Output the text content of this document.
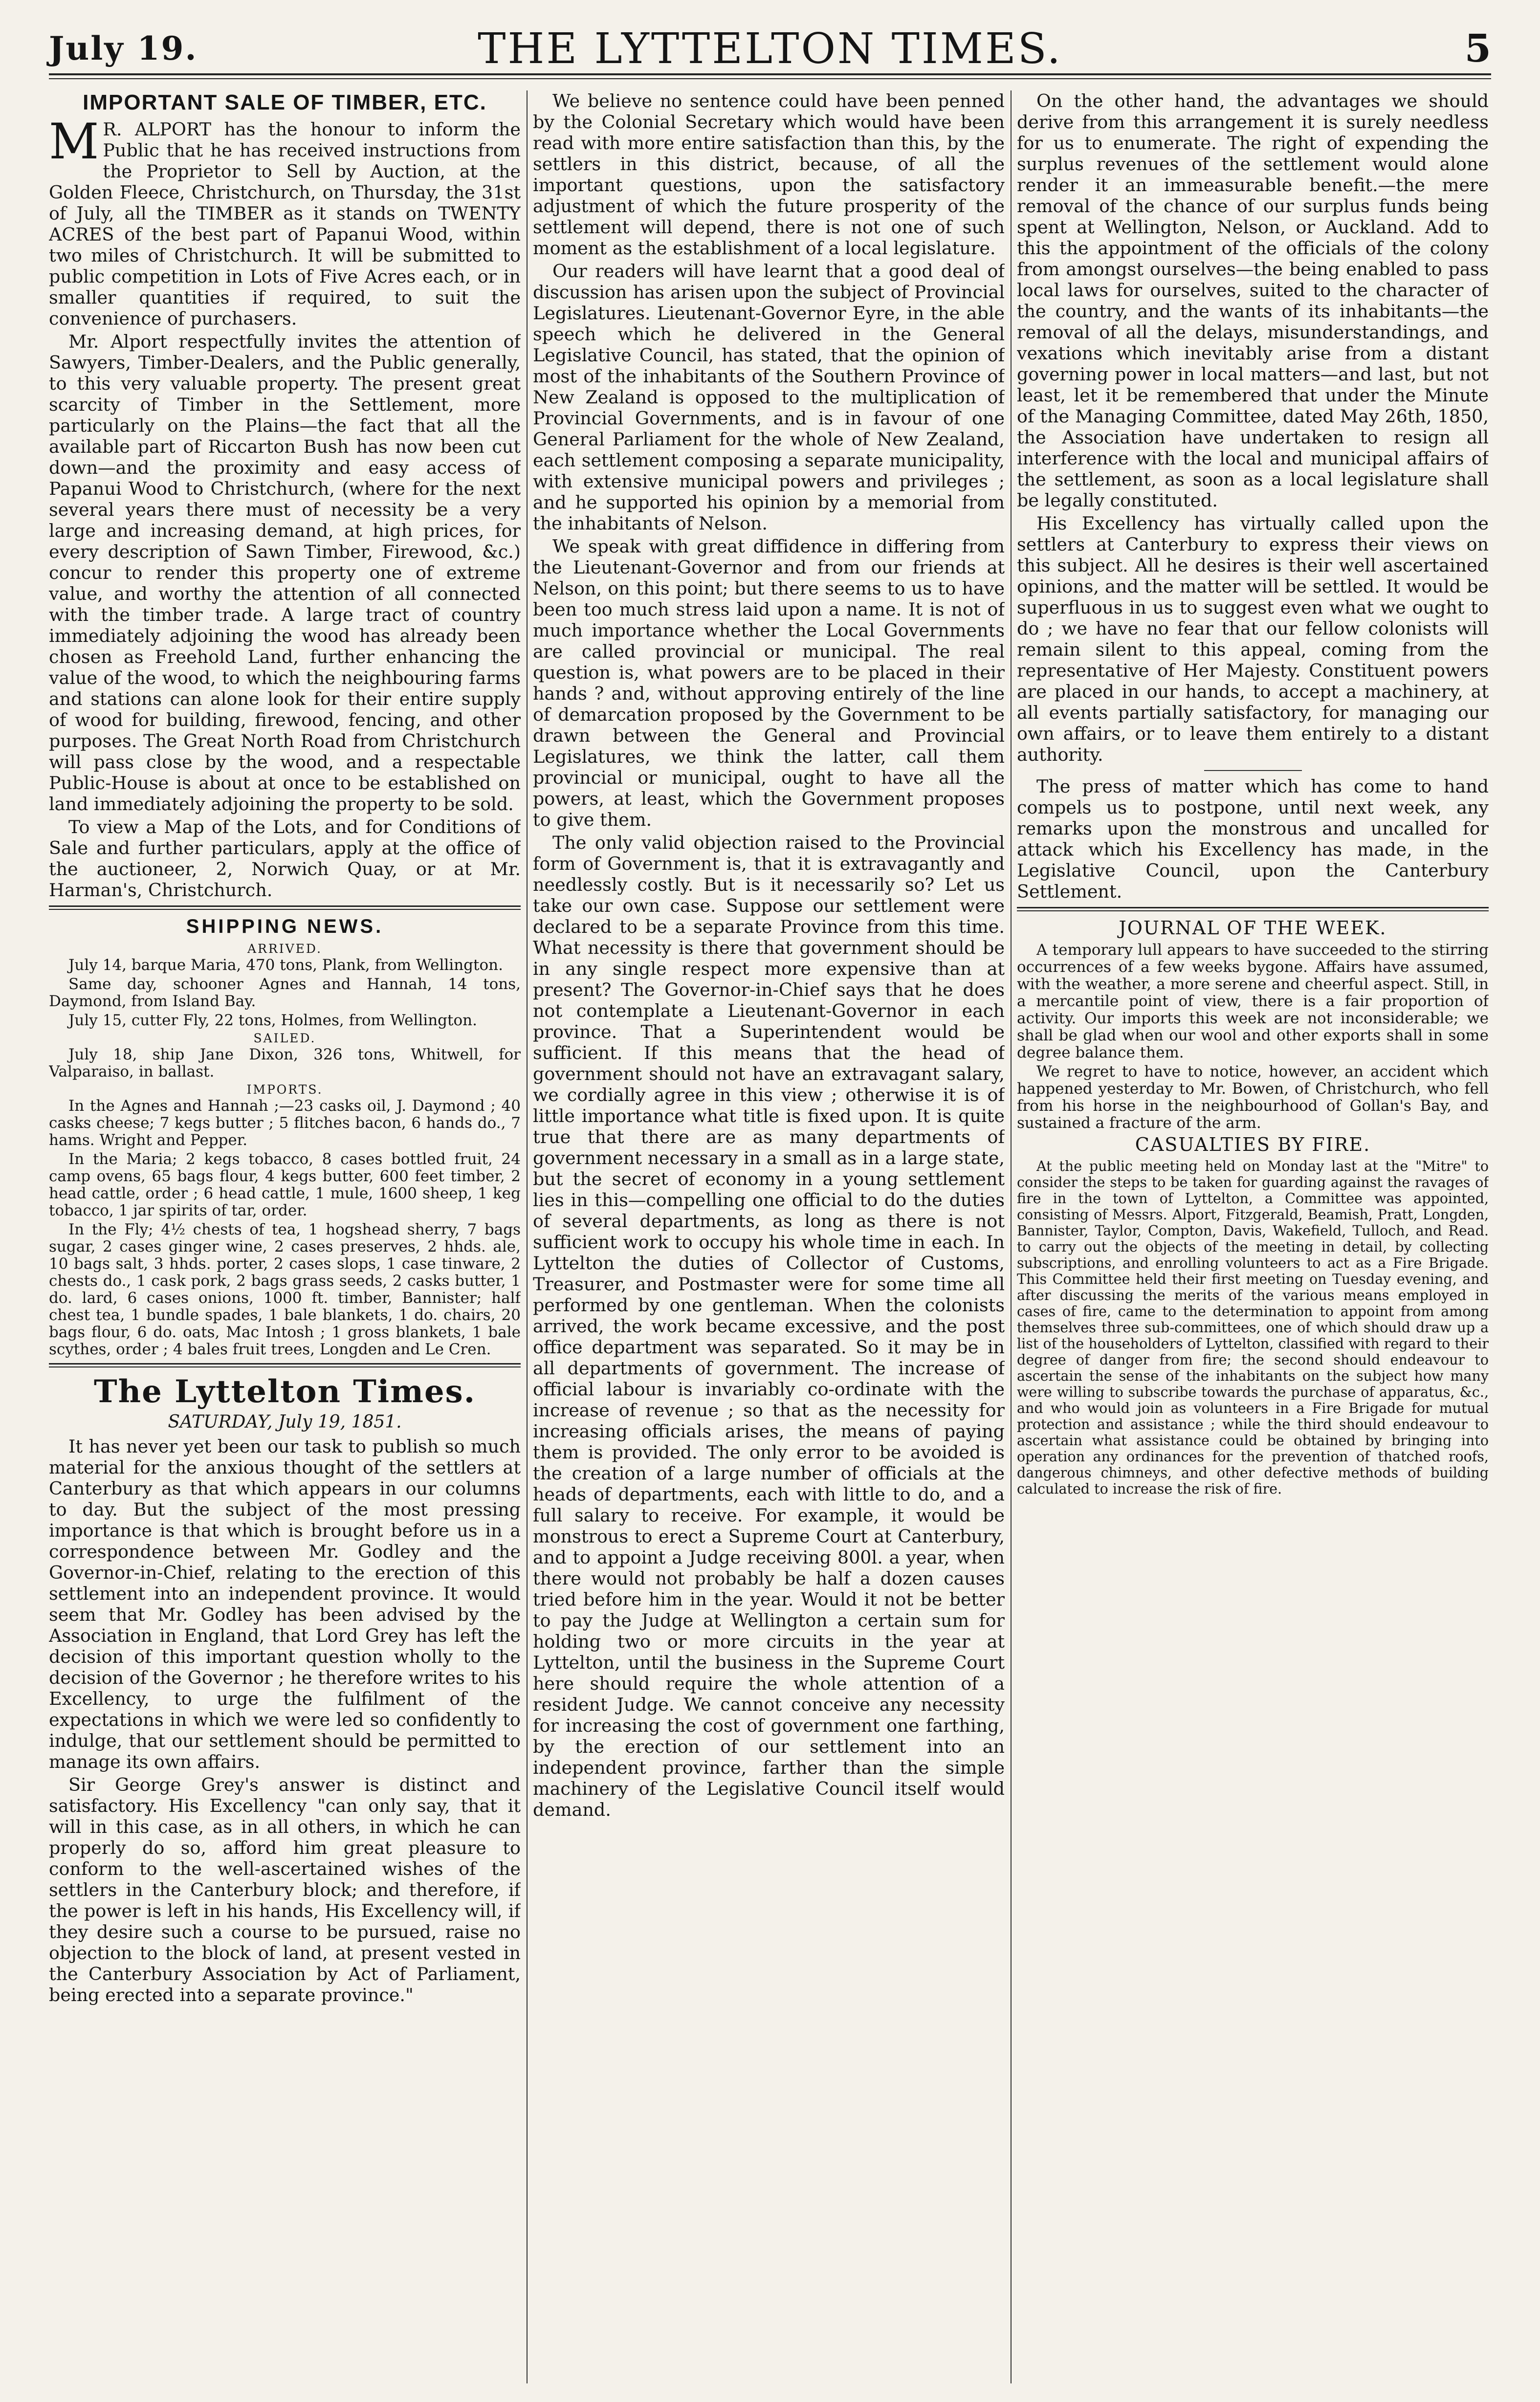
July 19.	THE LYTTELTON TIMES.	5
IMPORTANT SALE OF TIMBER, ETC.

M R. ALPORT has the honour to inform the Public that he has received instructions from the Proprietor to Sell by Auction, at the Golden Fleece, Christchurch, on Thursday, the 31st of July, all the TIMBER as it stands on TWENTY ACRES of the best part of Papanui Wood, within two miles of Christchurch. It will be submitted to public competition in Lots of Five Acres each, or in smaller quantities if required, to suit the convenience of purchasers.

Mr. Alport respectfully invites the attention of Sawyers, Timber-Dealers, and the Public generally, to this very valuable property. The present great scarcity of Timber in the Settlement, more particularly on the Plains—the fact that all the available part of Riccarton Bush has now been cut down—and the proximity and easy access of Papanui Wood to Christchurch, (where for the next several years there must of necessity be a very large and increasing demand, at high prices, for every description of Sawn Timber, Firewood, &c.) concur to render this property one of extreme value, and worthy the attention of all connected with the timber trade. A large tract of country immediately adjoining the wood has already been chosen as Freehold Land, further enhancing the value of the wood, to which the neighbouring farms and stations can alone look for their entire supply of wood for building, firewood, fencing, and other purposes. The Great North Road from Christchurch will pass close by the wood, and a respectable Public-House is about at once to be established on land immediately adjoining the property to be sold.

To view a Map of the Lots, and for Conditions of Sale and further particulars, apply at the office of the auctioneer, 2, Norwich Quay, or at Mr. Harman's, Christchurch.

SHIPPING NEWS.
ARRIVED.

July 14, barque Maria, 470 tons, Plank, from Wellington.

Same day, schooner Agnes and Hannah, 14 tons, Daymond, from Island Bay.

July 15, cutter Fly, 22 tons, Holmes, from Wellington.

SAILED.

July 18, ship Jane Dixon, 326 tons, Whitwell, for Valparaiso, in ballast.

IMPORTS.

In the Agnes and Hannah ;—23 casks oil, J. Daymond ; 40 casks cheese; 7 kegs butter ; 5 flitches bacon, 6 hands do., 7 hams. Wright and Pepper.

In the Maria; 2 kegs tobacco, 8 cases bottled fruit, 24 camp ovens, 65 bags flour, 4 kegs butter, 600 feet timber, 2 head cattle, order ; 6 head cattle, 1 mule, 1600 sheep, 1 keg tobacco, 1 jar spirits of tar, order.

In the Fly; 4½ chests of tea, 1 hogshead sherry, 7 bags sugar, 2 cases ginger wine, 2 cases preserves, 2 hhds. ale, 10 bags salt, 3 hhds. porter, 2 cases slops, 1 case tinware, 2 chests do., 1 cask pork, 2 bags grass seeds, 2 casks butter, 1 do. lard, 6 cases onions, 1000 ft. timber, Bannister; half chest tea, 1 bundle spades, 1 bale blankets, 1 do. chairs, 20 bags flour, 6 do. oats, Mac Intosh ; 1 gross blankets, 1 bale scythes, order ; 4 bales fruit trees, Longden and Le Cren.

The Lyttelton Times.
SATURDAY, July 19, 1851.

It has never yet been our task to publish so much material for the anxious thought of the settlers at Canterbury as that which appears in our columns to day. But the subject of the most pressing importance is that which is brought before us in a correspondence between Mr. Godley and the Governor-in-Chief, relating to the erection of this settlement into an independent province. It would seem that Mr. Godley has been advised by the Association in England, that Lord Grey has left the decision of this important question wholly to the decision of the Governor ; he therefore writes to his Excellency, to urge the fulfilment of the expectations in which we were led so confidently to indulge, that our settlement should be permitted to manage its own affairs.

Sir George Grey's answer is distinct and satisfactory. His Excellency "can only say, that it will in this case, as in all others, in which he can properly do so, afford him great pleasure to conform to the well-ascertained wishes of the settlers in the Canterbury block; and therefore, if the power is left in his hands, His Excellency will, if they desire such a course to be pursued, raise no objection to the block of land, at present vested in the Canterbury Association by Act of Parliament, being erected into a separate province."

We believe no sentence could have been penned by the Colonial Secretary which would have been read with more entire satisfaction than this, by the settlers in this district, because, of all the important questions, upon the satisfactory adjustment of which the future prosperity of the settlement will depend, there is not one of such moment as the establishment of a local legislature.

Our readers will have learnt that a good deal of discussion has arisen upon the subject of Provincial Legislatures. Lieutenant-Governor Eyre, in the able speech which he delivered in the General Legislative Council, has stated, that the opinion of most of the inhabitants of the Southern Province of New Zealand is opposed to the multiplication of Provincial Governments, and is in favour of one General Parliament for the whole of New Zealand, each settlement composing a separate municipality, with extensive municipal powers and privileges ; and he supported his opinion by a memorial from the inhabitants of Nelson.

We speak with great diffidence in differing from the Lieutenant-Governor and from our friends at Nelson, on this point; but there seems to us to have been too much stress laid upon a name. It is not of much importance whether the Local Governments are called provincial or municipal. The real question is, what powers are to be placed in their hands ? and, without approving entirely of the line of demarcation proposed by the Government to be drawn between the General and Provincial Legislatures, we think the latter, call them provincial or municipal, ought to have all the powers, at least, which the Government proposes to give them.

The only valid objection raised to the Provincial form of Government is, that it is extravagantly and needlessly costly. But is it necessarily so? Let us take our own case. Suppose our settlement were declared to be a separate Province from this time. What necessity is there that government should be in any single respect more expensive than at present? The Governor-in-Chief says that he does not contemplate a Lieutenant-Governor in each province. That a Superintendent would be sufficient. If this means that the head of government should not have an extravagant salary, we cordially agree in this view ; otherwise it is of little importance what title is fixed upon. It is quite true that there are as many departments of government necessary in a small as in a large state, but the secret of economy in a young settlement lies in this—compelling one official to do the duties of several departments, as long as there is not sufficient work to occupy his whole time in each. In Lyttelton the duties of Collector of Customs, Treasurer, and Postmaster were for some time all performed by one gentleman. When the colonists arrived, the work became excessive, and the post office department was separated. So it may be in all departments of government. The increase of official labour is invariably co-ordinate with the increase of revenue ; so that as the necessity for increasing officials arises, the means of paying them is provided. The only error to be avoided is the creation of a large number of officials at the heads of departments, each with little to do, and a full salary to receive. For example, it would be monstrous to erect a Supreme Court at Canterbury, and to appoint a Judge receiving 800l. a year, when there would not probably be half a dozen causes tried before him in the year. Would it not be better to pay the Judge at Wellington a certain sum for holding two or more circuits in the year at Lyttelton, until the business in the Supreme Court here should require the whole attention of a resident Judge. We cannot conceive any necessity for increasing the cost of government one farthing, by the erection of our settlement into an independent province, farther than the simple machinery of the Legislative Council itself would demand.

On the other hand, the advantages we should derive from this arrangement it is surely needless for us to enumerate. The right of expending the surplus revenues of the settlement would alone render it an immeasurable benefit.—the mere removal of the chance of our surplus funds being spent at Wellington, Nelson, or Auckland. Add to this the appointment of the officials of the colony from amongst ourselves—the being enabled to pass local laws for ourselves, suited to the character of the country, and the wants of its inhabitants—the removal of all the delays, misunderstandings, and vexations which inevitably arise from a distant governing power in local matters—and last, but not least, let it be remembered that under the Minute of the Managing Committee, dated May 26th, 1850, the Association have undertaken to resign all interference with the local and municipal affairs of the settlement, as soon as a local legislature shall be legally constituted.

His Excellency has virtually called upon the settlers at Canterbury to express their views on this subject. All he desires is their well ascertained opinions, and the matter will be settled. It would be superfluous in us to suggest even what we ought to do ; we have no fear that our fellow colonists will remain silent to this appeal, coming from the representative of Her Majesty. Constituent powers are placed in our hands, to accept a machinery, at all events partially satisfactory, for managing our own affairs, or to leave them entirely to a distant authority.

The press of matter which has come to hand compels us to postpone, until next week, any remarks upon the monstrous and uncalled for attack which his Excellency has made, in the Legislative Council, upon the Canterbury Settlement.

JOURNAL OF THE WEEK.

A temporary lull appears to have succeeded to the stirring occurrences of a few weeks bygone. Affairs have assumed, with the weather, a more serene and cheerful aspect. Still, in a mercantile point of view, there is a fair proportion of activity. Our imports this week are not inconsiderable; we shall be glad when our wool and other exports shall in some degree balance them.

We regret to have to notice, however, an accident which happened yesterday to Mr. Bowen, of Christchurch, who fell from his horse in the neighbourhood of Gollan's Bay, and sustained a fracture of the arm.

CASUALTIES BY FIRE.

At the public meeting held on Monday last at the "Mitre" to consider the steps to be taken for guarding against the ravages of fire in the town of Lyttelton, a Committee was appointed, consisting of Messrs. Alport, Fitzgerald, Beamish, Pratt, Longden, Bannister, Taylor, Compton, Davis, Wakefield, Tulloch, and Read. to carry out the objects of the meeting in detail, by collecting subscriptions, and enrolling volunteers to act as a Fire Brigade. This Committee held their first meeting on Tuesday evening, and after discussing the merits of the various means employed in cases of fire, came to the determination to appoint from among themselves three sub-committees, one of which should draw up a list of the householders of Lyttelton, classified with regard to their degree of danger from fire; the second should endeavour to ascertain the sense of the inhabitants on the subject how many were willing to subscribe towards the purchase of apparatus, &c., and who would join as volunteers in a Fire Brigade for mutual protection and assistance ; while the third should endeavour to ascertain what assistance could be obtained by bringing into operation any ordinances for the prevention of thatched roofs, dangerous chimneys, and other defective methods of building calculated to increase the risk of fire.
